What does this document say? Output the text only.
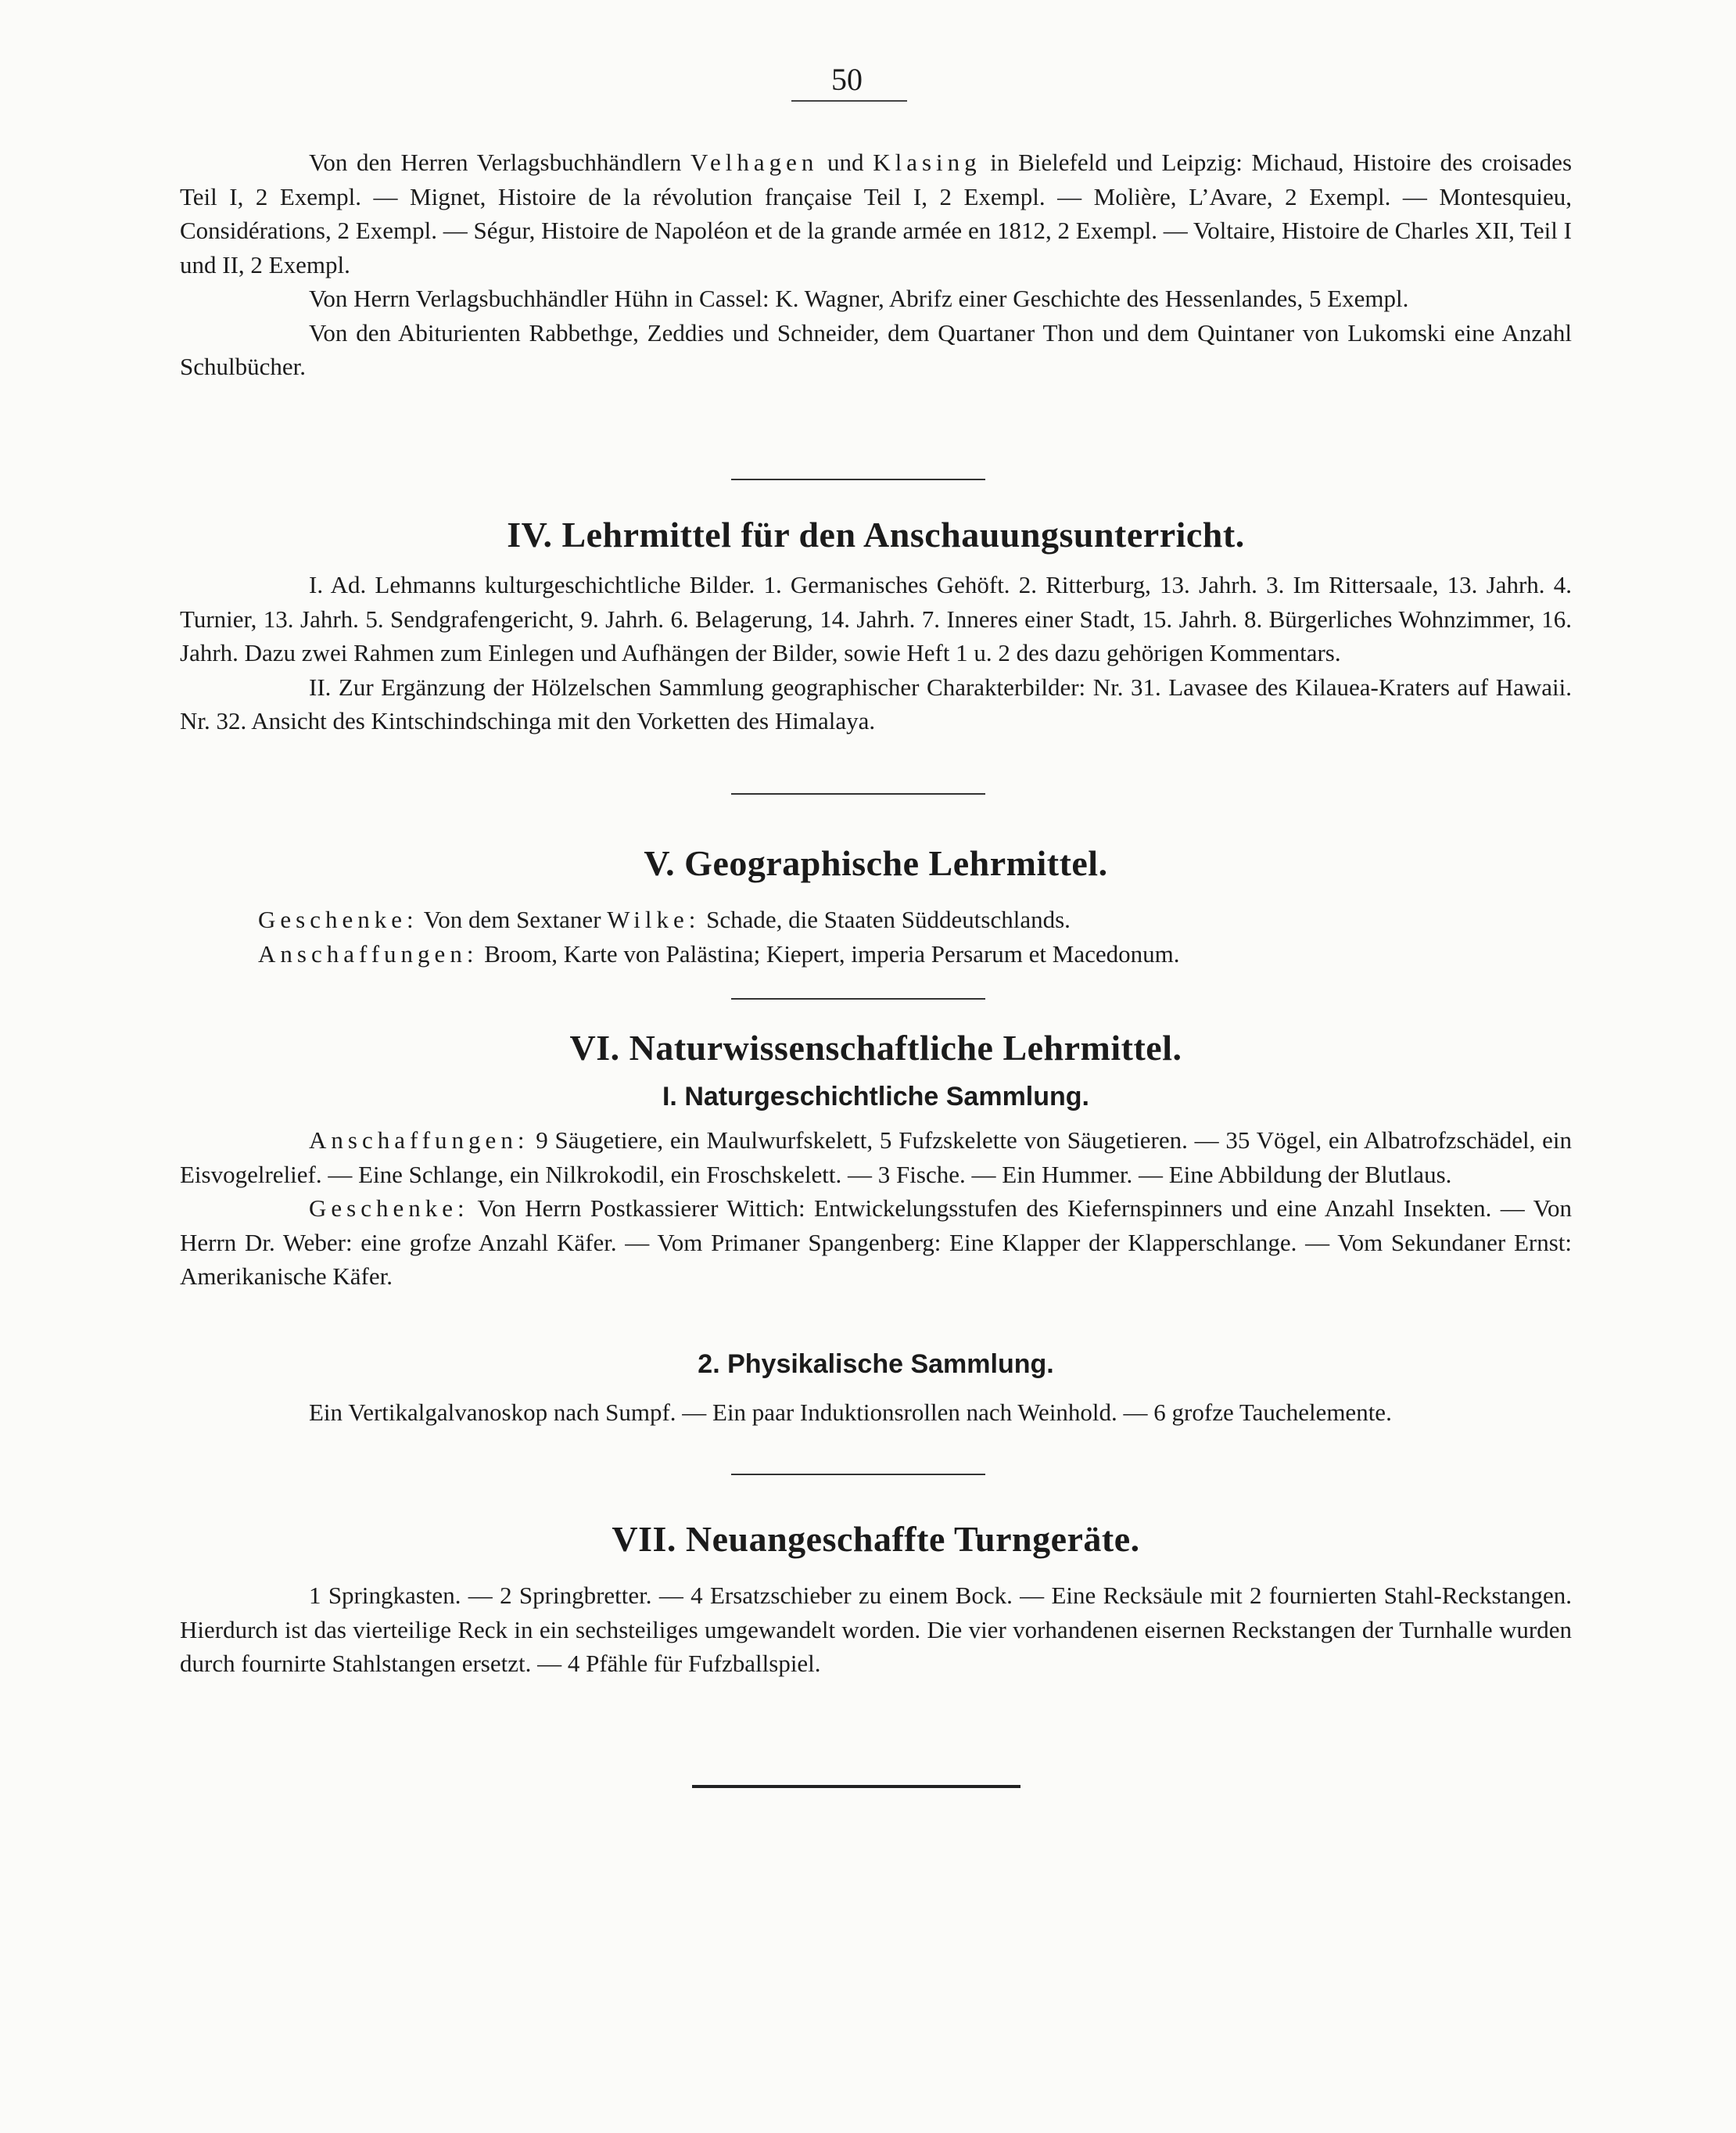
50

Von den Herren Verlagsbuchhändlern Velhagen und Klasing in Bielefeld und Leipzig: Michaud, Histoire des croisades Teil I, 2 Exempl. — Mignet, Histoire de la révolution française Teil I, 2 Exempl. — Molière, L’Avare, 2 Exempl. — Montesquieu, Considérations, 2 Exempl. — Ségur, Histoire de Napoléon et de la grande armée en 1812, 2 Exempl. — Voltaire, Histoire de Charles XII, Teil I und II, 2 Exempl.

Von Herrn Verlagsbuchhändler Hühn in Cassel: K. Wagner, Abrifz einer Geschichte des Hessenlandes, 5 Exempl.

Von den Abiturienten Rabbethge, Zeddies und Schneider, dem Quartaner Thon und dem Quintaner von Lukomski eine Anzahl Schulbücher.

IV. Lehrmittel für den Anschauungsunterricht.

I. Ad. Lehmanns kulturgeschichtliche Bilder. 1. Germanisches Gehöft. 2. Ritterburg, 13. Jahrh. 3. Im Rittersaale, 13. Jahrh. 4. Turnier, 13. Jahrh. 5. Sendgrafengericht, 9. Jahrh. 6. Belagerung, 14. Jahrh. 7. Inneres einer Stadt, 15. Jahrh. 8. Bürgerliches Wohnzimmer, 16. Jahrh. Dazu zwei Rahmen zum Einlegen und Aufhängen der Bilder, sowie Heft 1 u. 2 des dazu gehörigen Kommentars.

II. Zur Ergänzung der Hölzelschen Sammlung geographischer Charakterbilder: Nr. 31. Lavasee des Kilauea-Kraters auf Hawaii. Nr. 32. Ansicht des Kintschindschinga mit den Vorketten des Himalaya.

V. Geographische Lehrmittel.

Geschenke: Von dem Sextaner Wilke: Schade, die Staaten Süddeutschlands.

Anschaffungen: Broom, Karte von Palästina; Kiepert, imperia Persarum et Macedonum.

VI. Naturwissenschaftliche Lehrmittel.
I. Naturgeschichtliche Sammlung.

Anschaffungen: 9 Säugetiere, ein Maulwurfskelett, 5 Fufzskelette von Säugetieren. — 35 Vögel, ein Albatrofzschädel, ein Eisvogelrelief. — Eine Schlange, ein Nilkrokodil, ein Froschskelett. — 3 Fische. — Ein Hummer. — Eine Abbildung der Blutlaus.

Geschenke: Von Herrn Postkassierer Wittich: Entwickelungsstufen des Kiefernspinners und eine Anzahl Insekten. — Von Herrn Dr. Weber: eine grofze Anzahl Käfer. — Vom Primaner Spangenberg: Eine Klapper der Klapperschlange. — Vom Sekundaner Ernst: Amerikanische Käfer.

2. Physikalische Sammlung.

Ein Vertikalgalvanoskop nach Sumpf. — Ein paar Induktionsrollen nach Weinhold. — 6 grofze Tauchelemente.

VII. Neuangeschaffte Turngeräte.

1 Springkasten. — 2 Springbretter. — 4 Ersatzschieber zu einem Bock. — Eine Recksäule mit 2 fournierten Stahl-Reckstangen. Hierdurch ist das vierteilige Reck in ein sechsteiliges umgewandelt worden. Die vier vorhandenen eisernen Reckstangen der Turnhalle wurden durch fournirte Stahlstangen ersetzt. — 4 Pfähle für Fufzballspiel.
